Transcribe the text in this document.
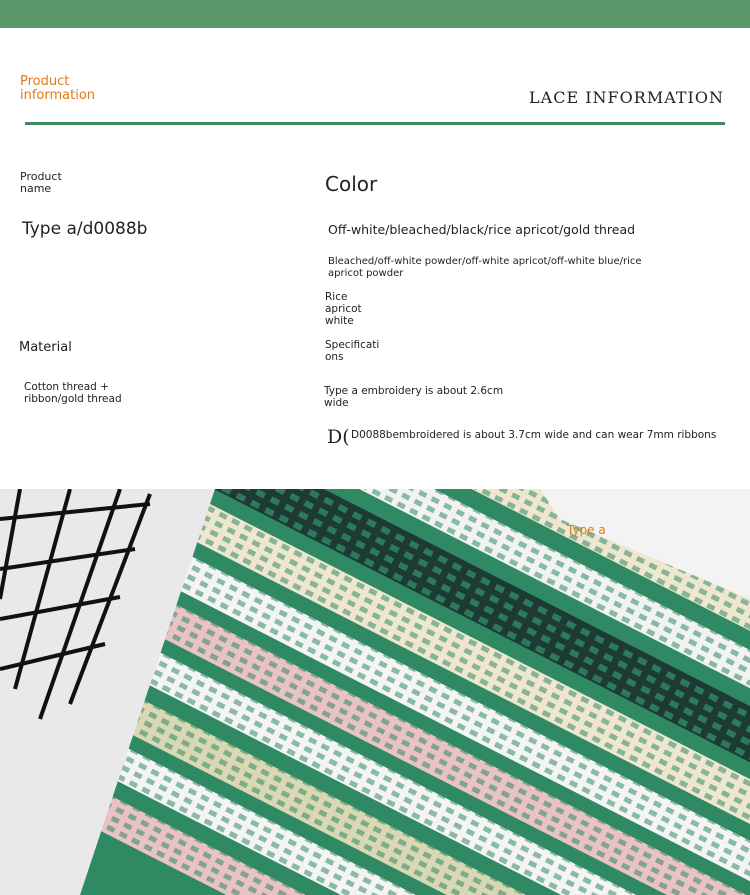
Product information	LACE INFORMATION
Product name
Type a/d0088b
Color
Off-white/bleached/black/rice apricot/gold thread
Bleached/off-white powder/off-white apricot/off-white blue/rice apricot powder
Rice apricot white
Material
Cotton thread + ribbon/gold thread
Specifications
Type a embroidery is about 2.6cm wide
D( D0088bembroidered is about 3.7cm wide and can wear 7mm ribbons
Type a
